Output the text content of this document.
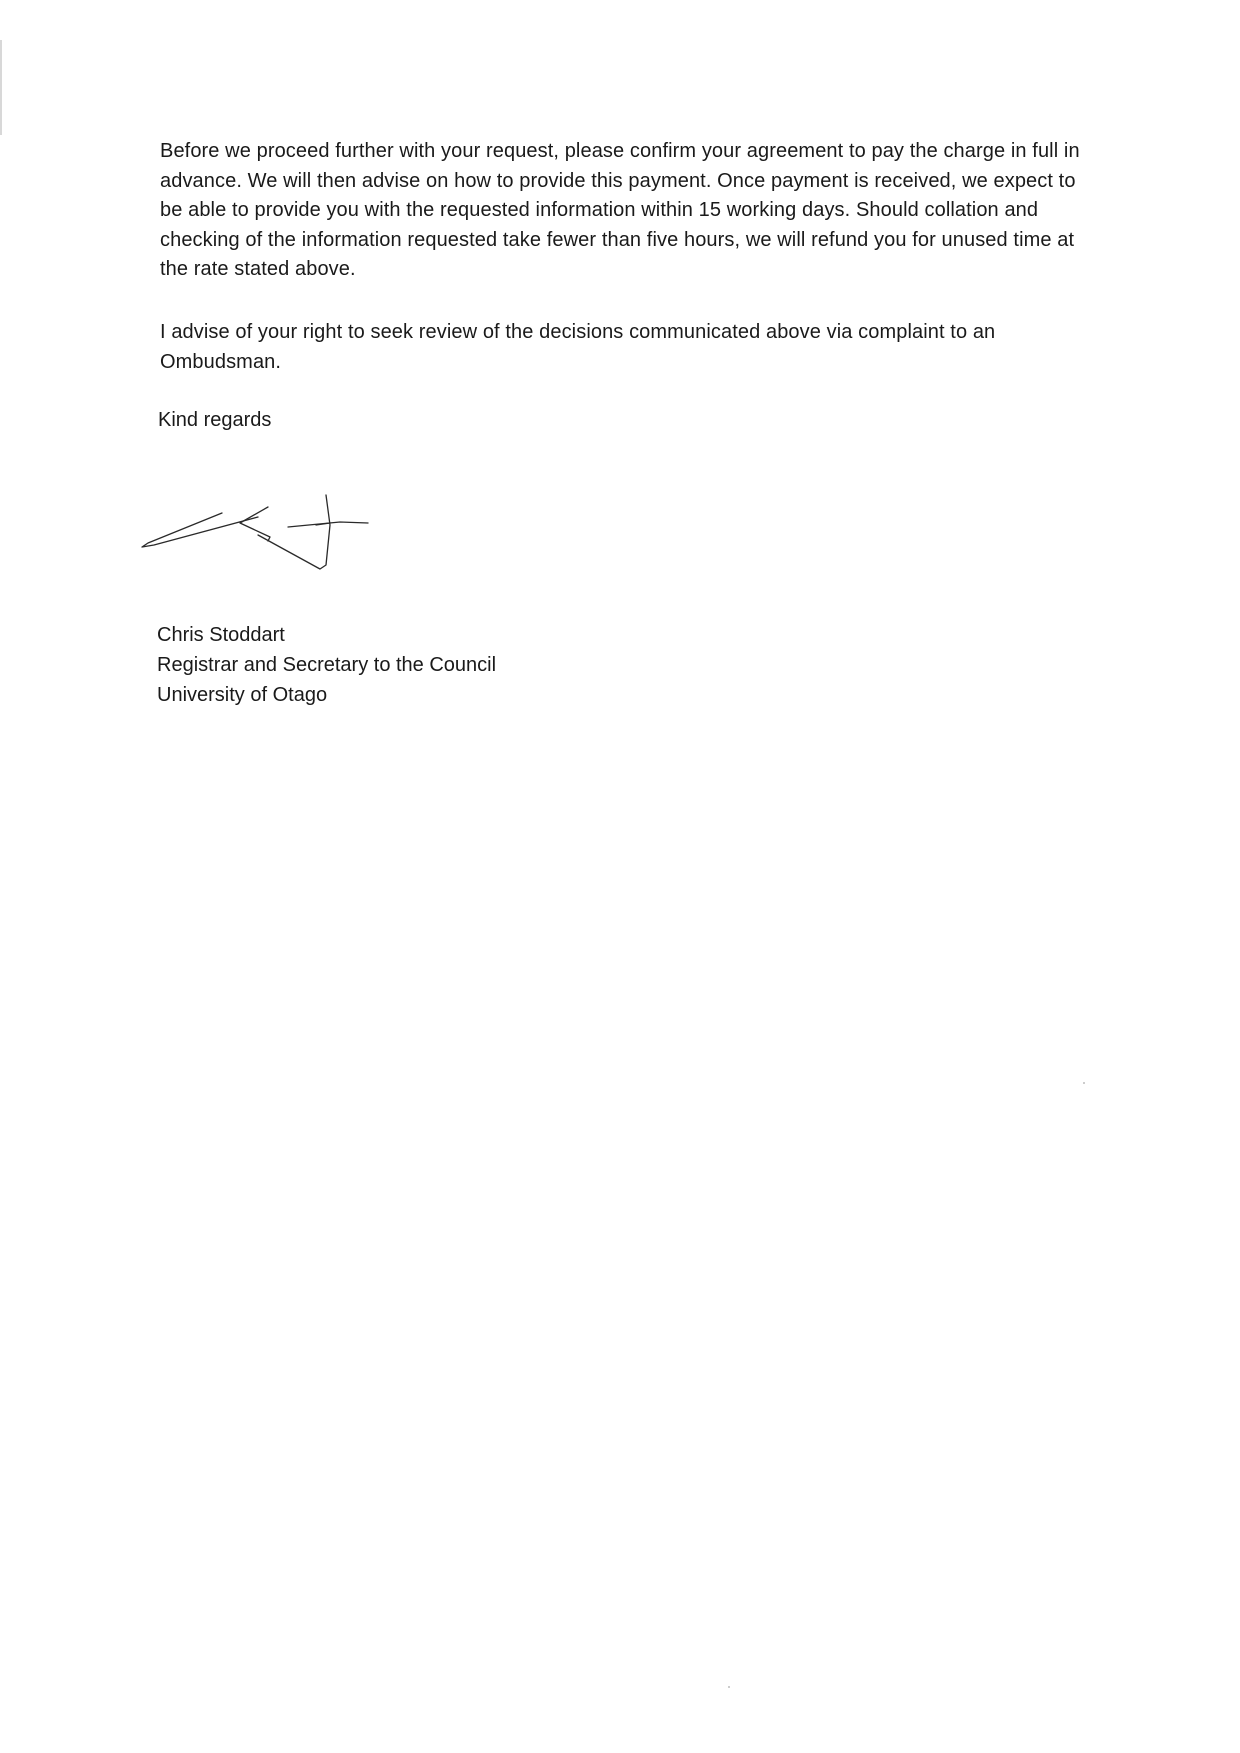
Before we proceed further with your request, please confirm your agreement to pay the charge in full in advance. We will then advise on how to provide this payment. Once payment is received, we expect to be able to provide you with the requested information within 15 working days. Should collation and checking of the information requested take fewer than five hours, we will refund you for unused time at the rate stated above.

I advise of your right to seek review of the decisions communicated above via complaint to an Ombudsman.

Kind regards
Chris Stoddart
Registrar and Secretary to the Council
University of Otago
